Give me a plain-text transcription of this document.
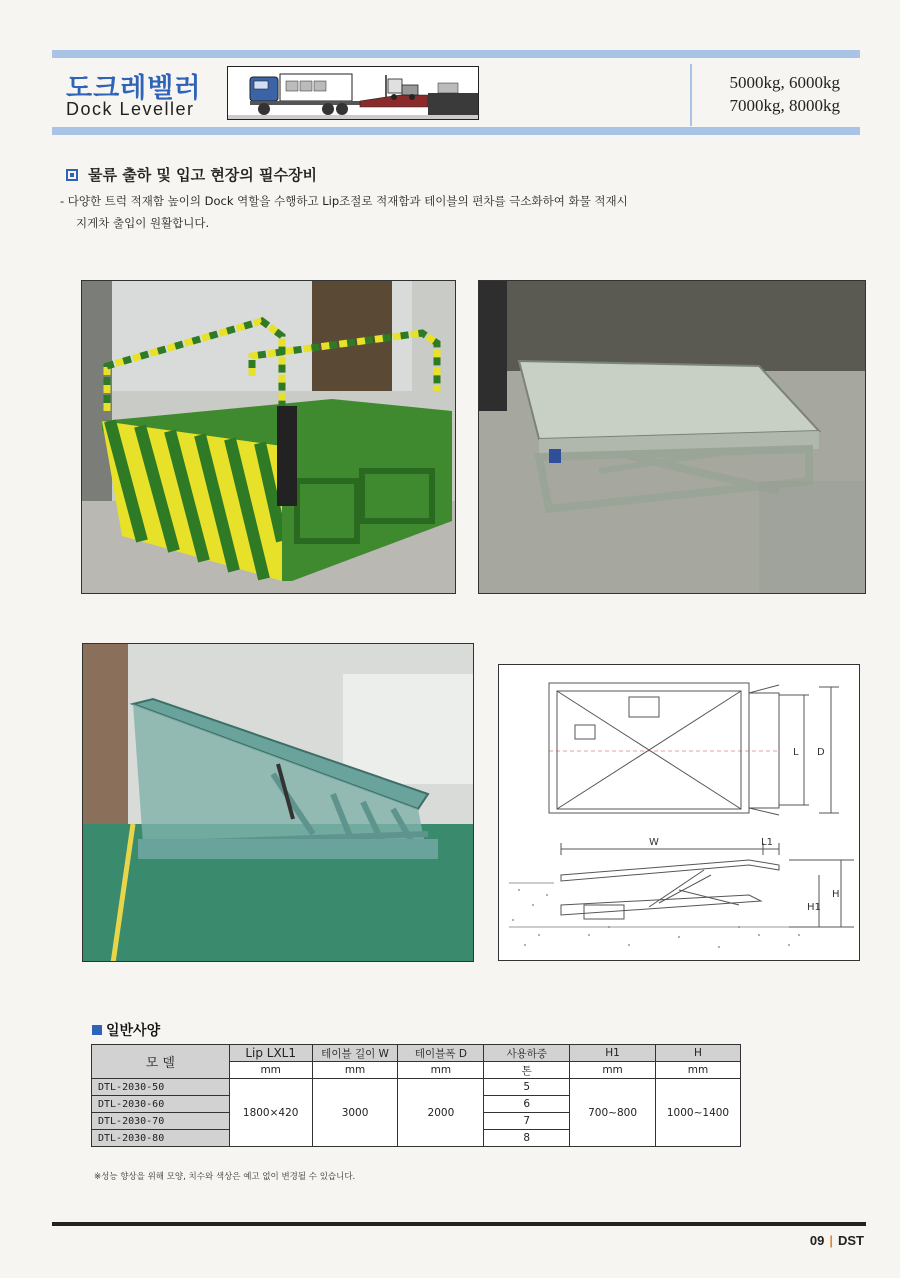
도크레벨러
Dock Leveller
5000kg, 6000kg
7000kg, 8000kg
물류 출하 및 입고 현장의 필수장비
- 다양한 트럭 적재함 높이의 Dock 역할을 수행하고 Lip조절로 적재함과 테이블의 편차를 극소화하여 화물 적재시
지게차 출입이 원활합니다.
L D
W	L1
H1
H
일반사양
모 델	Lip LXL1	테이블 길이 W	테이블폭 D	사용하중	H1	H
	mm	mm	mm	톤	mm	mm
DTL-2030-50	1800×420	3000	2000	5	700~800	1000~1400
DTL-2030-60				6		
DTL-2030-70				7		
DTL-2030-80				8		
※성능 향상을 위해 모양, 치수와 색상은 예고 없이 변경될 수 있습니다.
09 | DST
